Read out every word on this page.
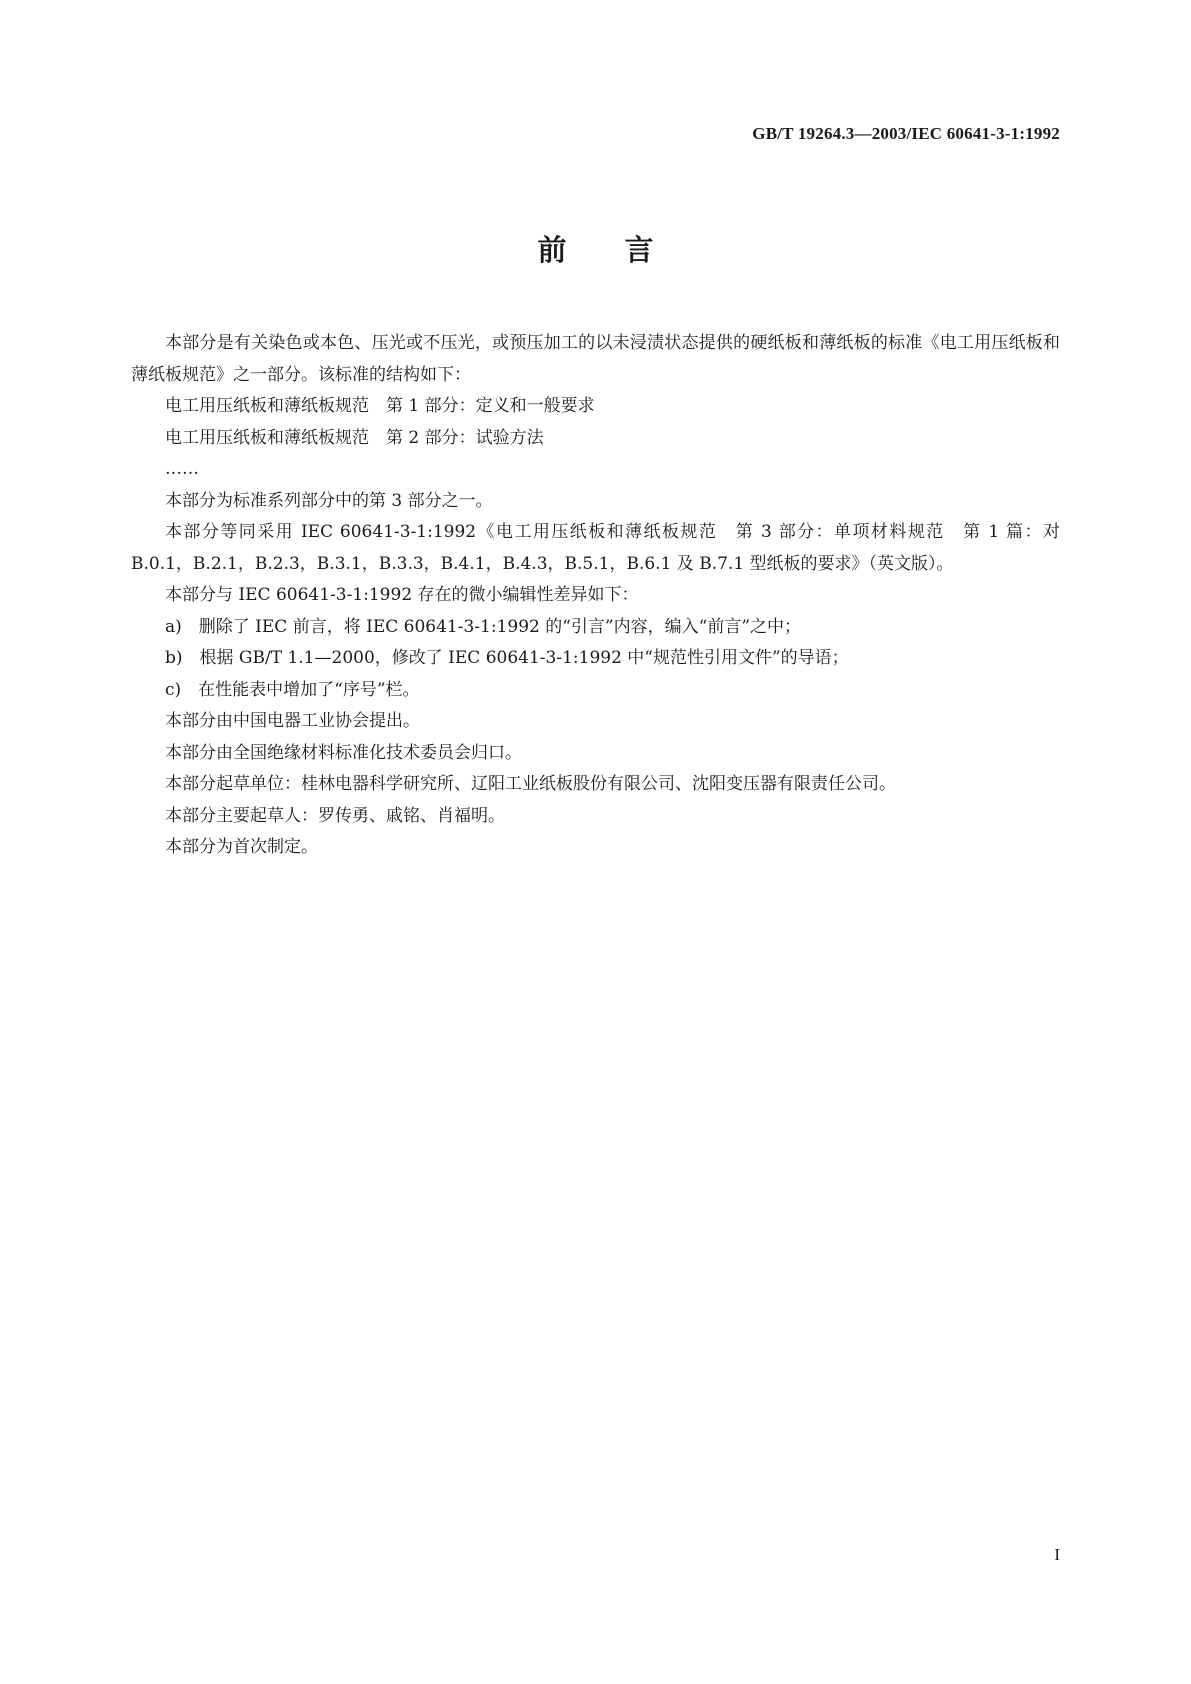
GB/T 19264.3—2003/IEC 60641-3-1:1992
前言

本部分是有关染色或本色、压光或不压光，或预压加工的以未浸渍状态提供的硬纸板和薄纸板的标准《电工用压纸板和薄纸板规范》之一部分。该标准的结构如下：

电工用压纸板和薄纸板规范　第 1 部分：定义和一般要求

电工用压纸板和薄纸板规范　第 2 部分：试验方法

……

本部分为标准系列部分中的第 3 部分之一。

本部分等同采用 IEC 60641-3-1:1992《电工用压纸板和薄纸板规范　第 3 部分：单项材料规范　第 1 篇：对 B.0.1，B.2.1，B.2.3，B.3.1，B.3.3，B.4.1，B.4.3，B.5.1，B.6.1 及 B.7.1 型纸板的要求》（英文版）。

本部分与 IEC 60641-3-1:1992 存在的微小编辑性差异如下：

a)　删除了 IEC 前言，将 IEC 60641-3-1:1992 的“引言”内容，编入“前言”之中；

b)　根据 GB/T 1.1—2000，修改了 IEC 60641-3-1:1992 中“规范性引用文件”的导语；

c)　在性能表中增加了“序号”栏。

本部分由中国电器工业协会提出。

本部分由全国绝缘材料标准化技术委员会归口。

本部分起草单位：桂林电器科学研究所、辽阳工业纸板股份有限公司、沈阳变压器有限责任公司。

本部分主要起草人：罗传勇、戚铭、肖福明。

本部分为首次制定。

I
